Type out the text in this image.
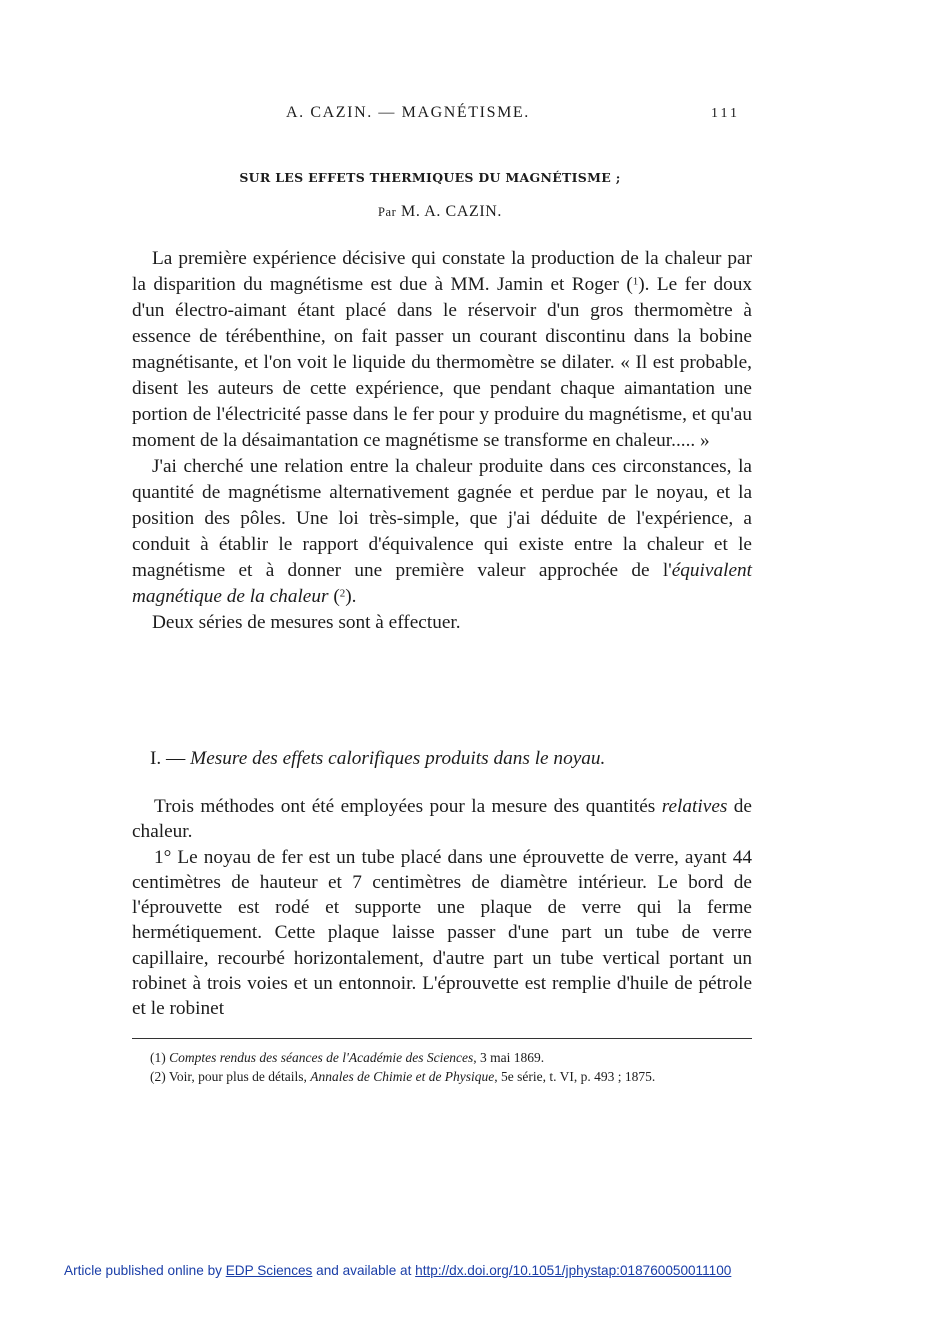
A. CAZIN. — MAGNÉTISME.	111
SUR LES EFFETS THERMIQUES DU MAGNÉTISME ;
Par M. A. CAZIN.

La première expérience décisive qui constate la production de la chaleur par la disparition du magnétisme est due à MM. Jamin et Roger ($^1$). Le fer doux d'un électro-aimant étant placé dans le réservoir d'un gros thermomètre à essence de térébenthine, on fait passer un courant discontinu dans la bobine magnétisante, et l'on voit le liquide du thermomètre se dilater. « Il est probable, disent les auteurs de cette expérience, que pendant chaque aimantation une portion de l'électricité passe dans le fer pour y produire du magnétisme, et qu'au moment de la désaimantation ce magnétisme se transforme en chaleur..... »

J'ai cherché une relation entre la chaleur produite dans ces circonstances, la quantité de magnétisme alternativement gagnée et perdue par le noyau, et la position des pôles. Une loi très-simple, que j'ai déduite de l'expérience, a conduit à établir le rapport d'équivalence qui existe entre la chaleur et le magnétisme et à donner une première valeur approchée de l'équivalent magnétique de la chaleur ($^2$).

Deux séries de mesures sont à effectuer.

I. — Mesure des effets calorifiques produits dans le noyau.

Trois méthodes ont été employées pour la mesure des quantités relatives de chaleur.

1° Le noyau de fer est un tube placé dans une éprouvette de verre, ayant 44 centimètres de hauteur et 7 centimètres de diamètre intérieur. Le bord de l'éprouvette est rodé et supporte une plaque de verre qui la ferme hermétiquement. Cette plaque laisse passer d'une part un tube de verre capillaire, recourbé horizontalement, d'autre part un tube vertical portant un robinet à trois voies et un entonnoir. L'éprouvette est remplie d'huile de pétrole et le robinet

(1) Comptes rendus des séances de l'Académie des Sciences, 3 mai 1869.

(2) Voir, pour plus de détails, Annales de Chimie et de Physique, 5e série, t. VI, p. 493 ; 1875.

Article published online by EDP Sciences and available at http://dx.doi.org/10.1051/jphystap:018760050011100
